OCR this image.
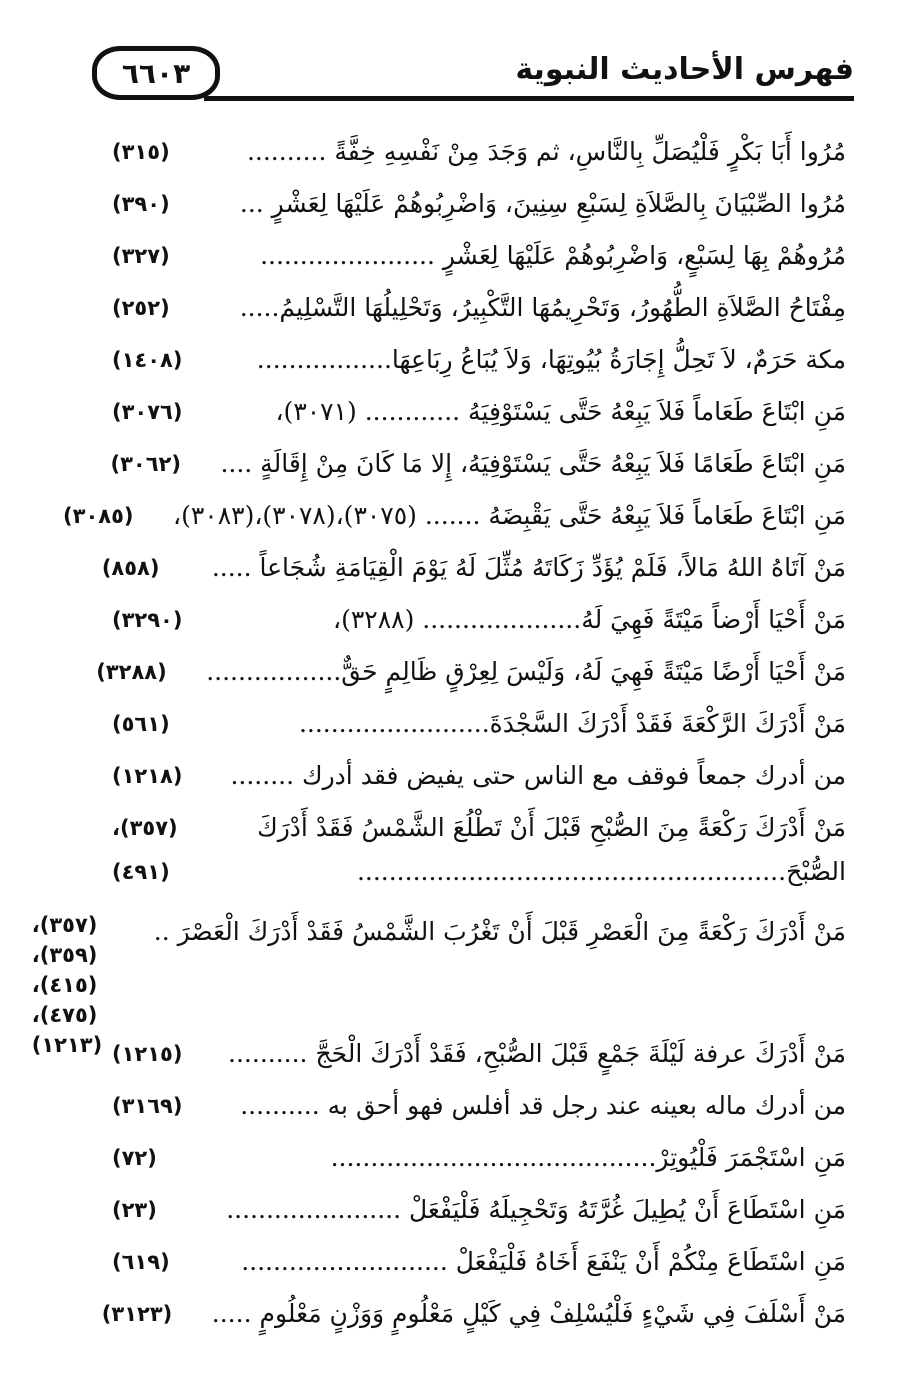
٦٦٠٣	فهرس الأحاديث النبوية
مُرُوا أَبَا بَكْرٍ فَلْيُصَلِّ بِالنَّاسِ، ثم وَجَدَ مِنْ نَفْسِهِ خِفَّةً ..........
(٣١٥)
مُرُوا الصِّبْيَانَ بِالصَّلاَةِ لِسَبْعِ سِنِينَ، وَاضْرِبُوهُمْ عَلَيْهَا لِعَشْرٍ ...
(٣٩٠)
مُرُوهُمْ بِهَا لِسَبْعٍ، وَاضْرِبُوهُمْ عَلَيْهَا لِعَشْرٍ ......................
(٣٢٧)
مِفْتَاحُ الصَّلاَةِ الطُّهُورُ، وَتَحْرِيمُهَا التَّكْبِيرُ، وَتَحْلِيلُهَا التَّسْلِيمُ.....
(٢٥٢)
مكة حَرَمٌ، لاَ تَحِلُّ إِجَارَةُ بُيُوتِهَا، وَلاَ يُبَاعُ رِبَاعِهَا.................
(١٤٠٨)
مَنِ ابْتَاعَ طَعَاماً فَلاَ يَبِعْهُ حَتَّى يَسْتَوْفِيَهُ ............ (٣٠٧١)،
(٣٠٧٦)
مَنِ ابْتَاعَ طَعَامًا فَلاَ يَبِعْهُ حَتَّى يَسْتَوْفِيَهُ، إِلا مَا كَانَ مِنْ إِقَالَةٍ ....
(٣٠٦٢)
مَنِ ابْتَاعَ طَعَاماً فَلاَ يَبِعْهُ حَتَّى يَقْبِضَهُ ....... (٣٠٧٥)،(٣٠٧٨)،(٣٠٨٣)،
(٣٠٨٥)
مَنْ آتَاهُ اللهُ مَالاً، فَلَمْ يُؤَدِّ زَكَاتَهُ مُثِّلَ لَهُ يَوْمَ الْقِيَامَةِ شُجَاعاً .....
(٨٥٨)
مَنْ أَحْيَا أَرْضاً مَيْتَةً فَهِيَ لَهُ.................... (٣٢٨٨)،
(٣٢٩٠)
مَنْ أَحْيَا أَرْضًا مَيْتَةً فَهِيَ لَهُ، وَلَيْسَ لِعِرْقٍ ظَالِمٍ حَقٌّ.................
(٣٢٨٨)
مَنْ أَدْرَكَ الرَّكْعَةَ فَقَدْ أَدْرَكَ السَّجْدَةَ........................
(٥٦١)
من أدرك جمعاً فوقف مع الناس حتى يفيض فقد أدرك ........
(١٢١٨)
مَنْ أَدْرَكَ رَكْعَةً مِنَ الصُّبْحِ قَبْلَ أَنْ تَطْلُعَ الشَّمْسُ فَقَدْ أَدْرَكَ
الصُّبْحَ......................................................
(٣٥٧)،
(٤٩١)
مَنْ أَدْرَكَ رَكْعَةً مِنَ الْعَصْرِ قَبْلَ أَنْ تَغْرُبَ الشَّمْسُ فَقَدْ أَدْرَكَ الْعَصْرَ ..
(٣٥٧)،(٣٥٩)،
(٤١٥)،(٤٧٥)،
(١٢١٣)	مَنْ أَدْرَكَ عرفة لَيْلَةَ جَمْعٍ قَبْلَ الصُّبْحِ، فَقَدْ أَدْرَكَ الْحَجَّ ..........
(١٢١٥)
من أدرك ماله بعينه عند رجل قد أفلس فهو أحق به ..........
(٣١٦٩)
مَنِ اسْتَجْمَرَ فَلْيُوتِرْ.........................................
(٧٢)
مَنِ اسْتَطَاعَ أَنْ يُطِيلَ غُرَّتَهُ وَتَحْجِيلَهُ فَلْيَفْعَلْ ......................
(٢٣)
مَنِ اسْتَطَاعَ مِنْكُمْ أَنْ يَنْفَعَ أَخَاهُ فَلْيَفْعَلْ ..........................
(٦١٩)
مَنْ أَسْلَفَ فِي شَيْءٍ فَلْيُسْلِفْ فِي كَيْلٍ مَعْلُومٍ وَوَزْنٍ مَعْلُومٍ .....
(٣١٢٣)
